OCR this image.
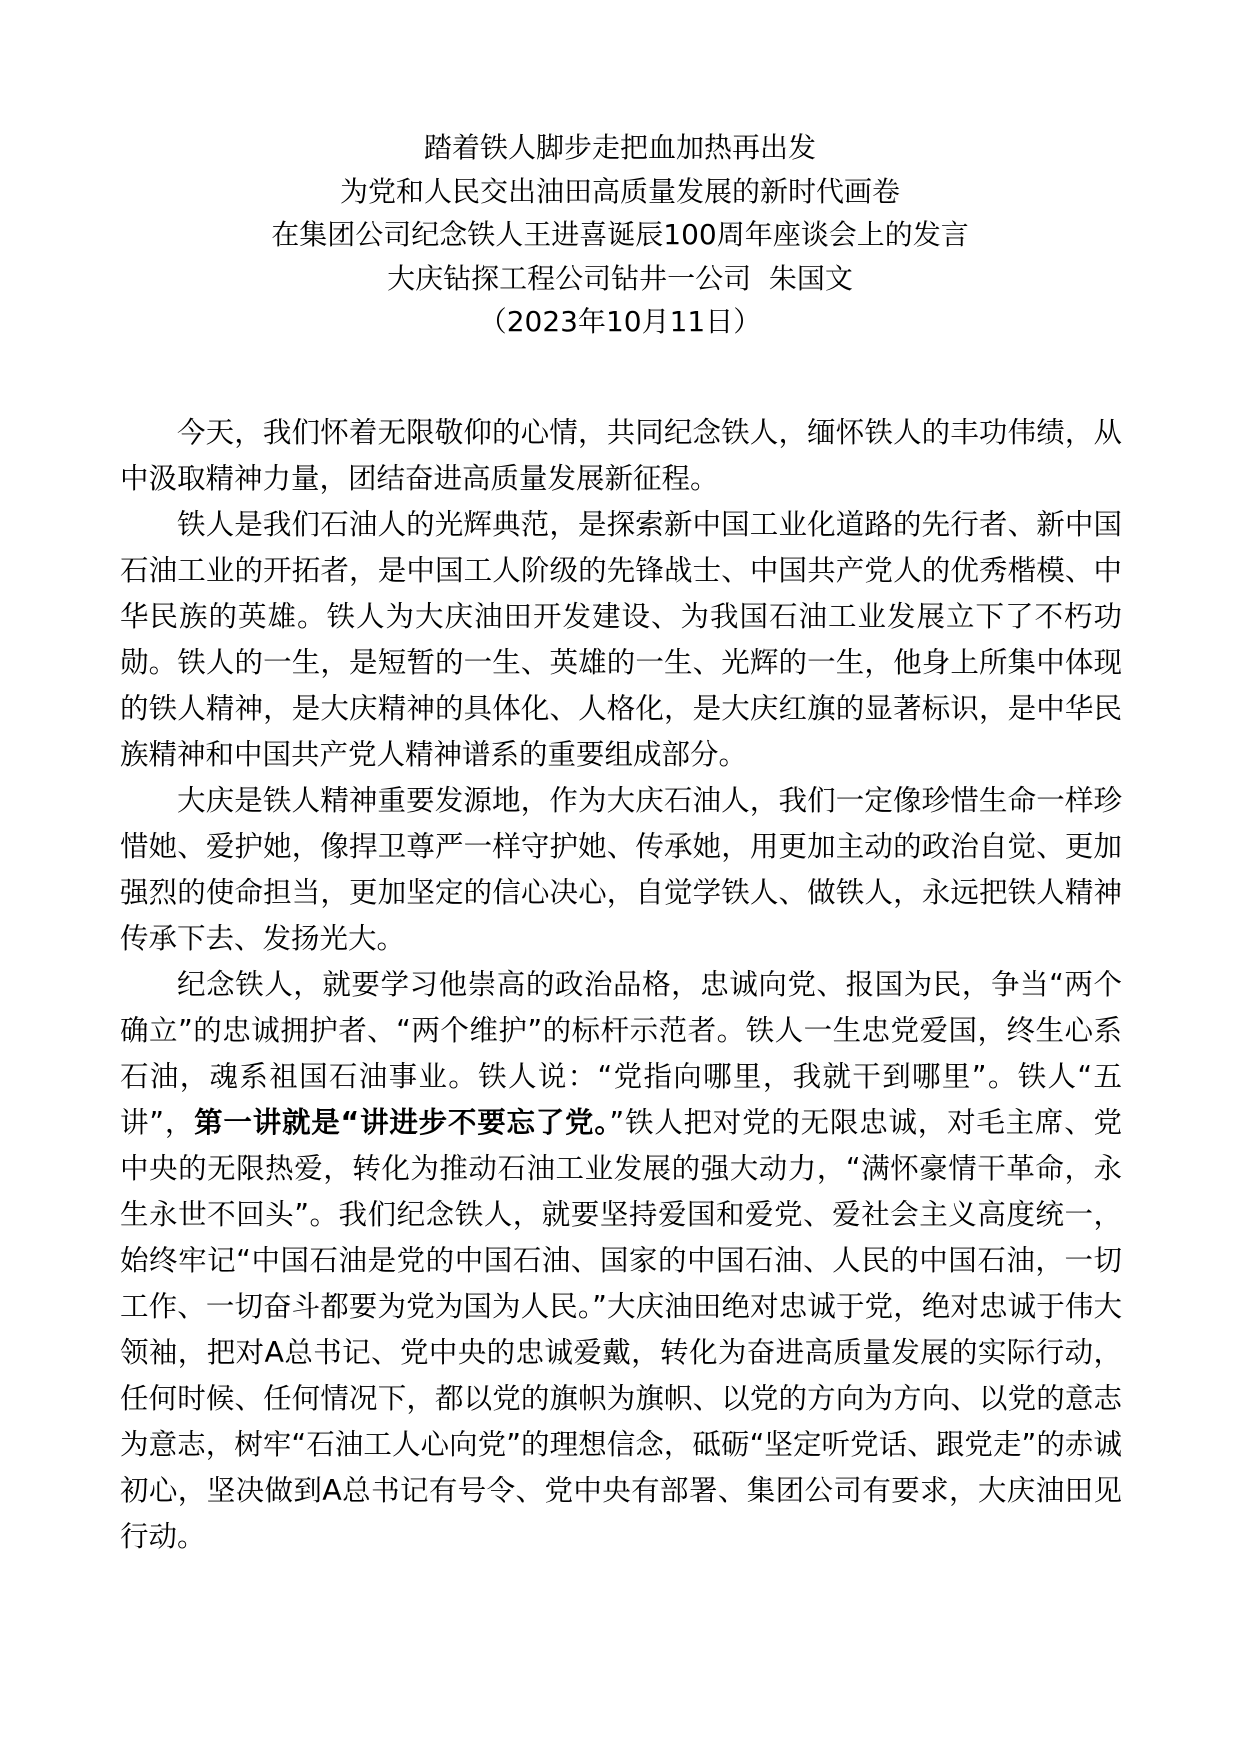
踏着铁人脚步走把血加热再出发
为党和人民交出油田高质量发展的新时代画卷
在集团公司纪念铁人王进喜诞辰100周年座谈会上的发言
大庆钻探工程公司钻井一公司  朱国文
（2023年10月11日）

今天，我们怀着无限敬仰的心情，共同纪念铁人，缅怀铁人的丰功伟绩，从中汲取精神力量，团结奋进高质量发展新征程。

铁人是我们石油人的光辉典范，是探索新中国工业化道路的先行者、新中国石油工业的开拓者，是中国工人阶级的先锋战士、中国共产党人的优秀楷模、中华民族的英雄。铁人为大庆油田开发建设、为我国石油工业发展立下了不朽功勋。铁人的一生，是短暂的一生、英雄的一生、光辉的一生，他身上所集中体现的铁人精神，是大庆精神的具体化、人格化，是大庆红旗的显著标识，是中华民族精神和中国共产党人精神谱系的重要组成部分。

大庆是铁人精神重要发源地，作为大庆石油人，我们一定像珍惜生命一样珍惜她、爱护她，像捍卫尊严一样守护她、传承她，用更加主动的政治自觉、更加强烈的使命担当，更加坚定的信心决心，自觉学铁人、做铁人，永远把铁人精神传承下去、发扬光大。

纪念铁人，就要学习他崇高的政治品格，忠诚向党、报国为民，争当“两个确立”的忠诚拥护者、“两个维护”的标杆示范者。铁人一生忠党爱国，终生心系石油，魂系祖国石油事业。铁人说：“党指向哪里，我就干到哪里”。铁人“五讲”，第一讲就是“讲进步不要忘了党。”铁人把对党的无限忠诚，对毛主席、党中央的无限热爱，转化为推动石油工业发展的强大动力，“满怀豪情干革命，永生永世不回头”。我们纪念铁人，就要坚持爱国和爱党、爱社会主义高度统一，始终牢记“中国石油是党的中国石油、国家的中国石油、人民的中国石油，一切工作、一切奋斗都要为党为国为人民。”大庆油田绝对忠诚于党，绝对忠诚于伟大领袖，把对A总书记、党中央的忠诚爱戴，转化为奋进高质量发展的实际行动，任何时候、任何情况下，都以党的旗帜为旗帜、以党的方向为方向、以党的意志为意志，树牢“石油工人心向党”的理想信念，砥砺“坚定听党话、跟党走”的赤诚初心，坚决做到A总书记有号令、党中央有部署、集团公司有要求，大庆油田见行动。
